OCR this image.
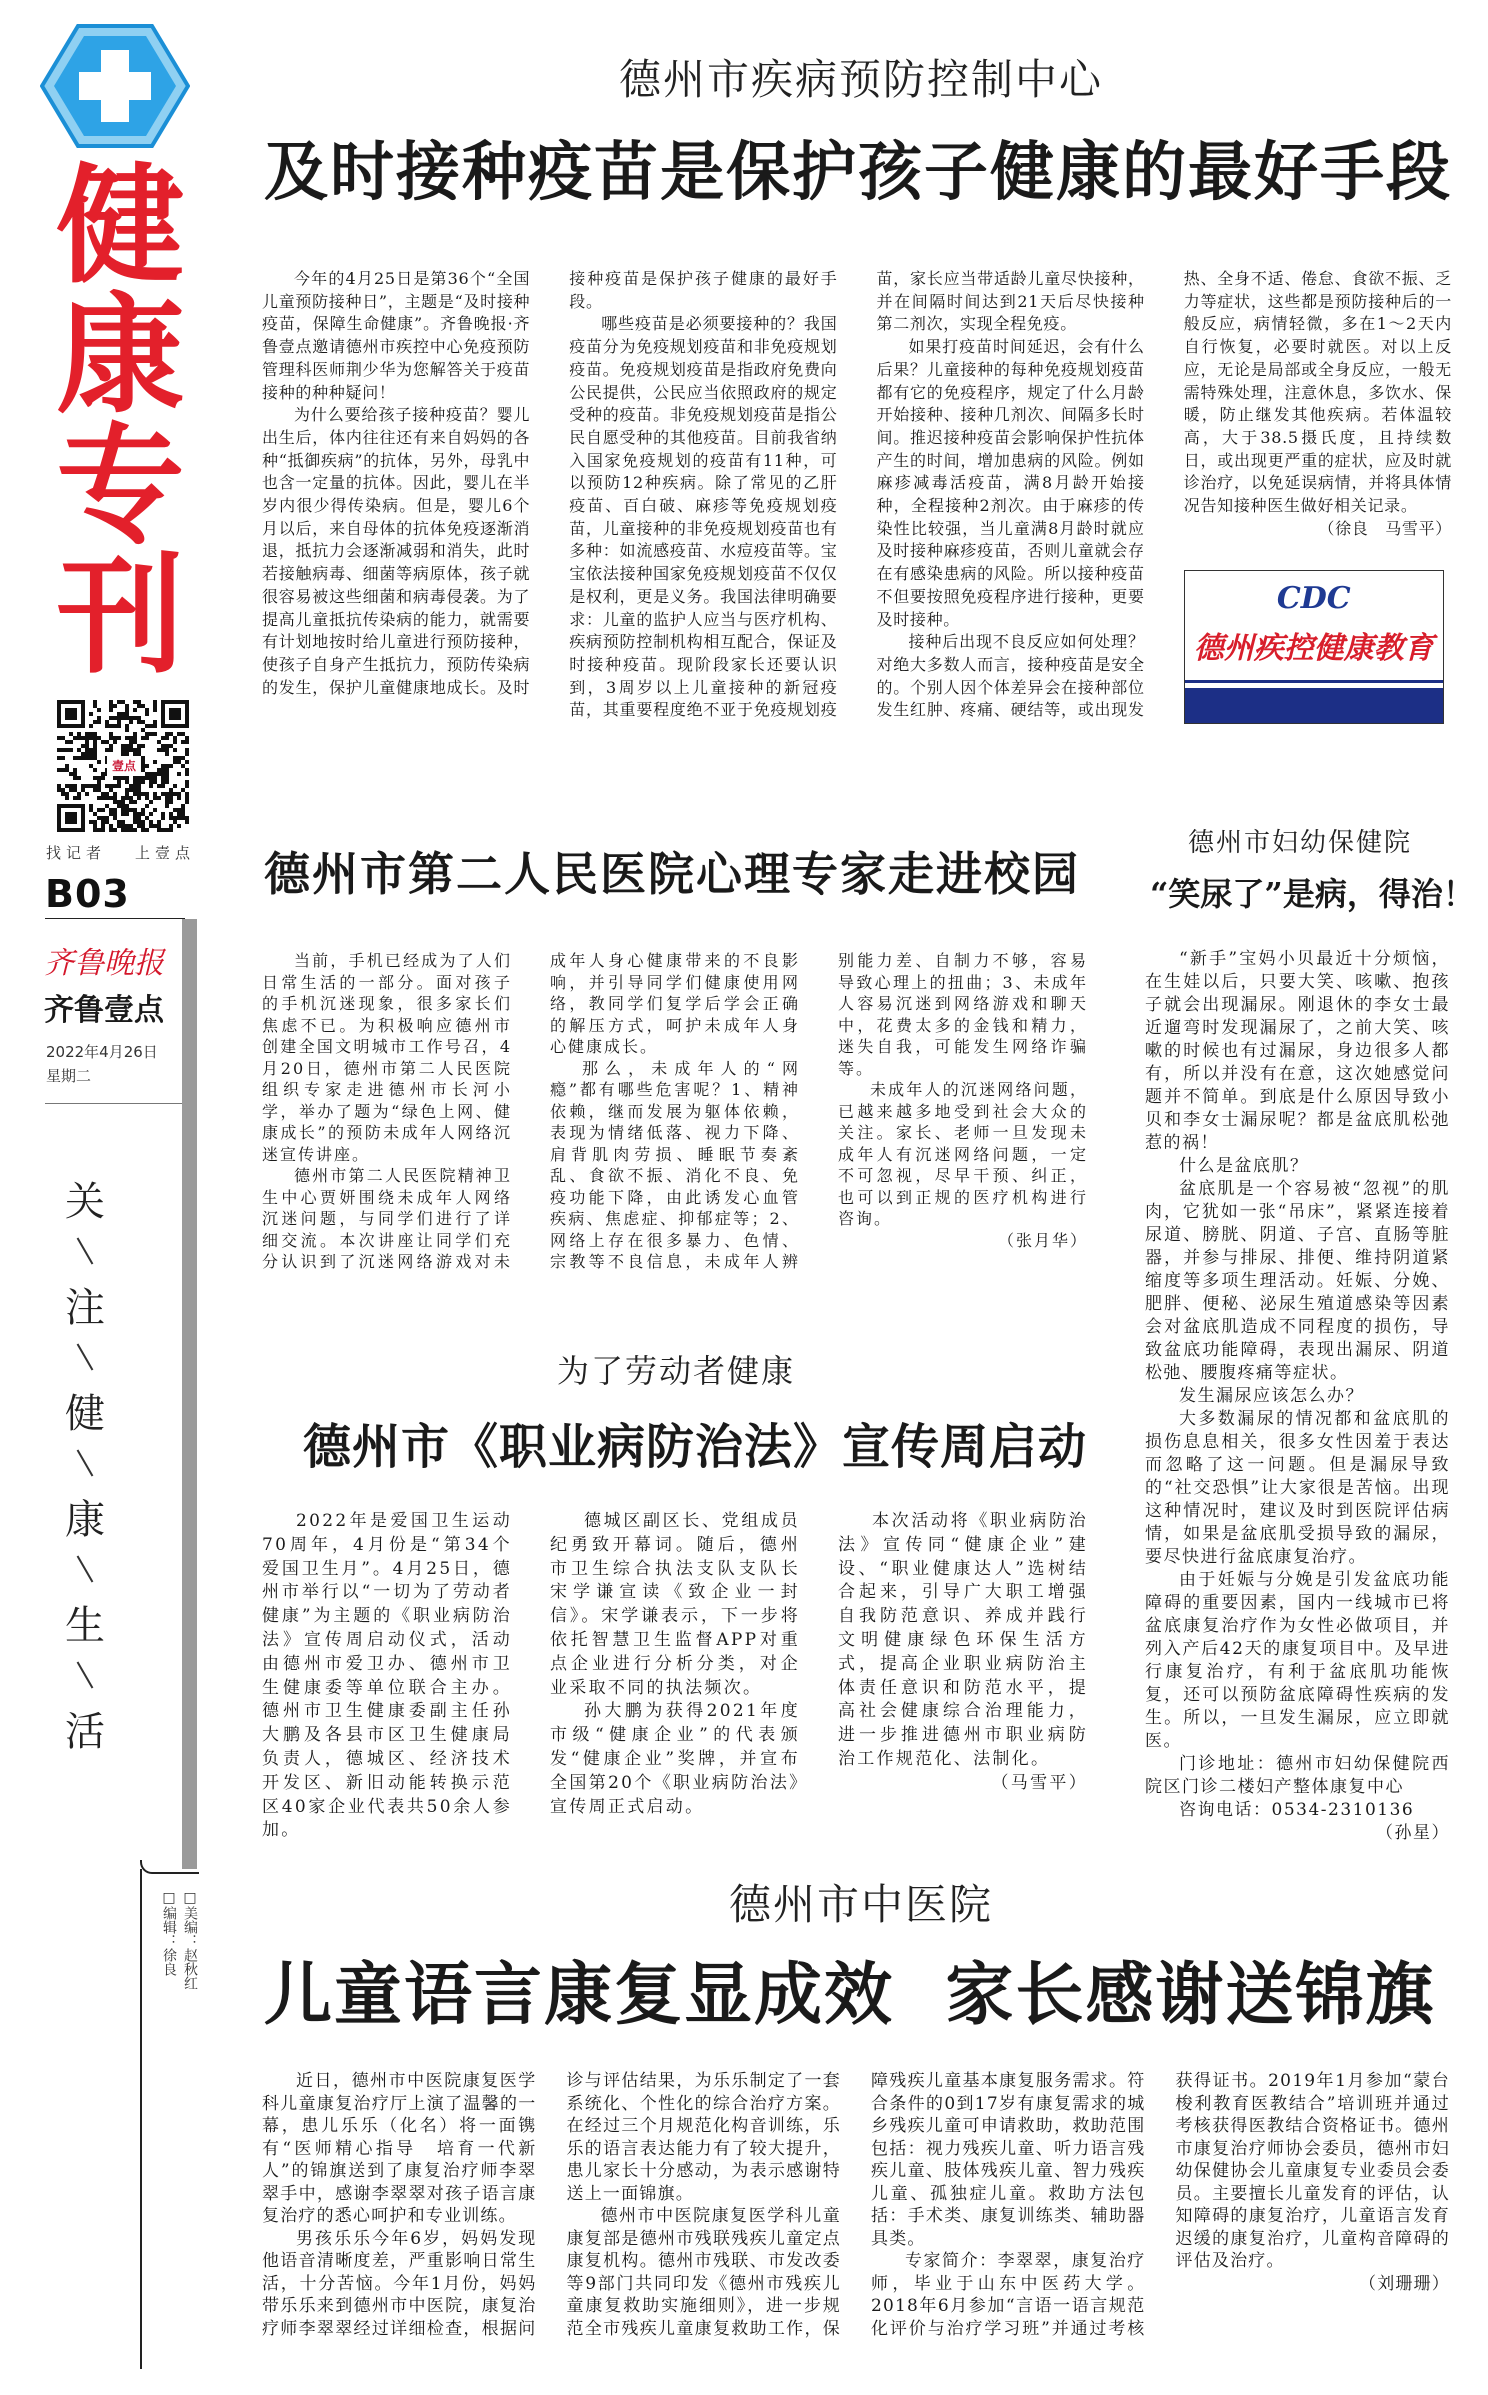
健
康
专
刊
壹点
找记者 上壹点
B03
齐鲁晚报
齐鲁壹点
2022年4月26日
星期二
关
注
健
康
生
活
□美编：赵秋红
□编辑：徐良
德州市疾病预防控制中心
及时接种疫苗是保护孩子健康的最好手段

今年的4月25日是第36个“全国儿童预防接种日”，主题是“及时接种疫苗，保障生命健康”。齐鲁晚报·齐鲁壹点邀请德州市疾控中心免疫预防管理科医师荆少华为您解答关于疫苗接种的种种疑问！

为什么要给孩子接种疫苗？婴儿出生后，体内往往还有来自妈妈的各种“抵御疾病”的抗体，另外，母乳中也含一定量的抗体。因此，婴儿在半岁内很少得传染病。但是，婴儿6个月以后，来自母体的抗体免疫逐渐消退，抵抗力会逐渐减弱和消失，此时若接触病毒、细菌等病原体，孩子就很容易被这些细菌和病毒侵袭。为了提高儿童抵抗传染病的能力，就需要有计划地按时给儿童进行预防接种，使孩子自身产生抵抗力，预防传染病的发生，保护儿童健康地成长。及时接种疫苗是保护孩子健康的最好手段。

哪些疫苗是必须要接种的？我国疫苗分为免疫规划疫苗和非免疫规划疫苗。免疫规划疫苗是指政府免费向公民提供，公民应当依照政府的规定受种的疫苗。非免疫规划疫苗是指公民自愿受种的其他疫苗。目前我省纳入国家免疫规划的疫苗有11种，可以预防12种疾病。除了常见的乙肝疫苗、百白破、麻疹等免疫规划疫苗，儿童接种的非免疫规划疫苗也有多种：如流感疫苗、水痘疫苗等。宝宝依法接种国家免疫规划疫苗不仅仅是权利，更是义务。我国法律明确要求：儿童的监护人应当与医疗机构、疾病预防控制机构相互配合，保证及时接种疫苗。现阶段家长还要认识到，3周岁以上儿童接种的新冠疫苗，其重要程度绝不亚于免疫规划疫苗，家长应当带适龄儿童尽快接种，并在间隔时间达到21天后尽快接种第二剂次，实现全程免疫。

如果打疫苗时间延迟，会有什么后果？儿童接种的每种免疫规划疫苗都有它的免疫程序，规定了什么月龄开始接种、接种几剂次、间隔多长时间。推迟接种疫苗会影响保护性抗体产生的时间，增加患病的风险。例如麻疹减毒活疫苗，满8月龄开始接种，全程接种2剂次。由于麻疹的传染性比较强，当儿童满8月龄时就应及时接种麻疹疫苗，否则儿童就会存在有感染患病的风险。所以接种疫苗不但要按照免疫程序进行接种，更要及时接种。

接种后出现不良反应如何处理？对绝大多数人而言，接种疫苗是安全的。个别人因个体差异会在接种部位发生红肿、疼痛、硬结等，或出现发热、全身不适、倦怠、食欲不振、乏力等症状，这些都是预防接种后的一般反应，病情轻微，多在1～2天内自行恢复，必要时就医。对以上反应，无论是局部或全身反应，一般无需特殊处理，注意休息，多饮水、保暖，防止继发其他疾病。若体温较高，大于38.5摄氏度，且持续数日，或出现更严重的症状，应及时就诊治疗，以免延误病情，并将具体情况告知接种医生做好相关记录。

（徐良　马雪平）

CDC
德州疾控健康教育
德州市第二人民医院心理专家走进校园

当前，手机已经成为了人们日常生活的一部分。面对孩子的手机沉迷现象，很多家长们焦虑不已。为积极响应德州市创建全国文明城市工作号召，4月20日，德州市第二人民医院组织专家走进德州市长河小学，举办了题为“绿色上网、健康成长”的预防未成年人网络沉迷宣传讲座。

德州市第二人民医院精神卫生中心贾妍围绕未成年人网络沉迷问题，与同学们进行了详细交流。本次讲座让同学们充分认识到了沉迷网络游戏对未成年人身心健康带来的不良影响，并引导同学们健康使用网络，教同学们复学后学会正确的解压方式，呵护未成年人身心健康成长。

那么，未成年人的“网瘾”都有哪些危害呢？1、精神依赖，继而发展为躯体依赖，表现为情绪低落、视力下降、肩背肌肉劳损、睡眠节奏紊乱、食欲不振、消化不良、免疫功能下降，由此诱发心血管疾病、焦虑症、抑郁症等；2、网络上存在很多暴力、色情、宗教等不良信息，未成年人辨别能力差、自制力不够，容易导致心理上的扭曲；3、未成年人容易沉迷到网络游戏和聊天中，花费太多的金钱和精力，迷失自我，可能发生网络诈骗等。

未成年人的沉迷网络问题，已越来越多地受到社会大众的关注。家长、老师一旦发现未成年人有沉迷网络问题，一定不可忽视，尽早干预、纠正，也可以到正规的医疗机构进行咨询。

（张月华）

德州市妇幼保健院
“笑尿了”是病，得治！

“新手”宝妈小贝最近十分烦恼，在生娃以后，只要大笑、咳嗽、抱孩子就会出现漏尿。刚退休的李女士最近遛弯时发现漏尿了，之前大笑、咳嗽的时候也有过漏尿，身边很多人都有，所以并没有在意，这次她感觉问题并不简单。到底是什么原因导致小贝和李女士漏尿呢？都是盆底肌松弛惹的祸！

什么是盆底肌？

盆底肌是一个容易被“忽视”的肌肉，它犹如一张“吊床”，紧紧连接着尿道、膀胱、阴道、子宫、直肠等脏器，并参与排尿、排便、维持阴道紧缩度等多项生理活动。妊娠、分娩、肥胖、便秘、泌尿生殖道感染等因素会对盆底肌造成不同程度的损伤，导致盆底功能障碍，表现出漏尿、阴道松弛、腰腹疼痛等症状。

发生漏尿应该怎么办？

大多数漏尿的情况都和盆底肌的损伤息息相关，很多女性因羞于表达而忽略了这一问题。但是漏尿导致的“社交恐惧”让大家很是苦恼。出现这种情况时，建议及时到医院评估病情，如果是盆底肌受损导致的漏尿，要尽快进行盆底康复治疗。

由于妊娠与分娩是引发盆底功能障碍的重要因素，国内一线城市已将盆底康复治疗作为女性必做项目，并列入产后42天的康复项目中。及早进行康复治疗，有利于盆底肌功能恢复，还可以预防盆底障碍性疾病的发生。所以，一旦发生漏尿，应立即就医。

门诊地址：德州市妇幼保健院西院区门诊二楼妇产整体康复中心

咨询电话：0534-2310136

（孙星）

为了劳动者健康
德州市《职业病防治法》宣传周启动

2022年是爱国卫生运动70周年，4月份是“第34个爱国卫生月”。4月25日，德州市举行以“一切为了劳动者健康”为主题的《职业病防治法》宣传周启动仪式，活动由德州市爱卫办、德州市卫生健康委等单位联合主办。德州市卫生健康委副主任孙大鹏及各县市区卫生健康局负责人，德城区、经济技术开发区、新旧动能转换示范区40家企业代表共50余人参加。

德城区副区长、党组成员纪勇致开幕词。随后，德州市卫生综合执法支队支队长宋学谦宣读《致企业一封信》。宋学谦表示，下一步将依托智慧卫生监督APP对重点企业进行分析分类，对企业采取不同的执法频次。

孙大鹏为获得2021年度市级“健康企业”的代表颁发“健康企业”奖牌，并宣布全国第20个《职业病防治法》宣传周正式启动。

本次活动将《职业病防治法》宣传同“健康企业”建设、“职业健康达人”选树结合起来，引导广大职工增强自我防范意识、养成并践行文明健康绿色环保生活方式，提高企业职业病防治主体责任意识和防范水平，提高社会健康综合治理能力，进一步推进德州市职业病防治工作规范化、法制化。

（马雪平）

德州市中医院
儿童语言康复显成效  家长感谢送锦旗

近日，德州市中医院康复医学科儿童康复治疗厅上演了温馨的一幕，患儿乐乐（化名）将一面镌有“医师精心指导　培育一代新人”的锦旗送到了康复治疗师李翠翠手中，感谢李翠翠对孩子语言康复治疗的悉心呵护和专业训练。

男孩乐乐今年6岁，妈妈发现他语音清晰度差，严重影响日常生活，十分苦恼。今年1月份，妈妈带乐乐来到德州市中医院，康复治疗师李翠翠经过详细检查，根据问诊与评估结果，为乐乐制定了一套系统化、个性化的综合治疗方案。在经过三个月规范化构音训练，乐乐的语言表达能力有了较大提升，患儿家长十分感动，为表示感谢特送上一面锦旗。

德州市中医院康复医学科儿童康复部是德州市残联残疾儿童定点康复机构。德州市残联、市发改委等9部门共同印发《德州市残疾儿童康复救助实施细则》，进一步规范全市残疾儿童康复救助工作，保障残疾儿童基本康复服务需求。符合条件的0到17岁有康复需求的城乡残疾儿童可申请救助，救助范围包括：视力残疾儿童、听力语言残疾儿童、肢体残疾儿童、智力残疾儿童、孤独症儿童。救助方法包括：手术类、康复训练类、辅助器具类。

专家简介：李翠翠，康复治疗师，毕业于山东中医药大学。2018年6月参加“言语一语言规范化评价与治疗学习班”并通过考核获得证书。2019年1月参加“蒙台梭利教育医教结合”培训班并通过考核获得医教结合资格证书。德州市康复治疗师协会委员，德州市妇幼保健协会儿童康复专业委员会委员。主要擅长儿童发育的评估，认知障碍的康复治疗，儿童语言发育迟缓的康复治疗，儿童构音障碍的评估及治疗。

（刘珊珊）
